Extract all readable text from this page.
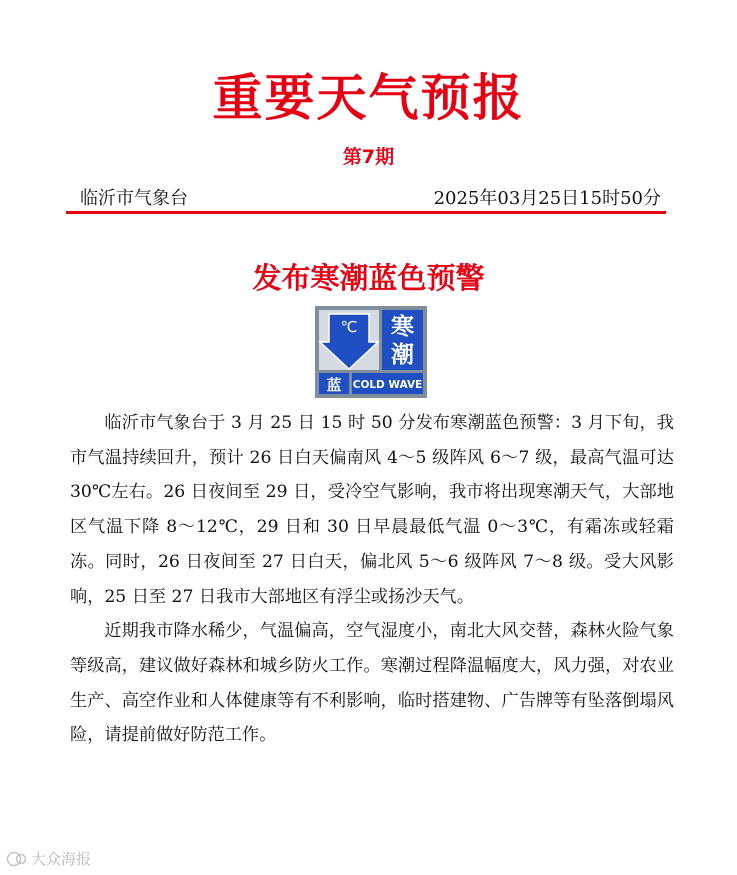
重要天气预报
第7期
临沂市气象台	2025年03月25日15时50分
发布寒潮蓝色预警
℃ 寒
潮
蓝 COLD WAVE

临沂市气象台于 3 月 25 日 15 时 50 分发布寒潮蓝色预警：3 月下旬，我市气温持续回升，预计 26 日白天偏南风 4～5 级阵风 6～7 级，最高气温可达 30℃左右。26 日夜间至 29 日，受冷空气影响，我市将出现寒潮天气，大部地区气温下降 8～12℃，29 日和 30 日早晨最低气温 0～3℃，有霜冻或轻霜冻。同时，26 日夜间至 27 日白天，偏北风 5～6 级阵风 7～8 级。受大风影响，25 日至 27 日我市大部地区有浮尘或扬沙天气。

近期我市降水稀少，气温偏高，空气湿度小，南北大风交替，森林火险气象等级高，建议做好森林和城乡防火工作。寒潮过程降温幅度大，风力强，对农业生产、高空作业和人体健康等有不利影响，临时搭建物、广告牌等有坠落倒塌风险，请提前做好防范工作。

大众海报
